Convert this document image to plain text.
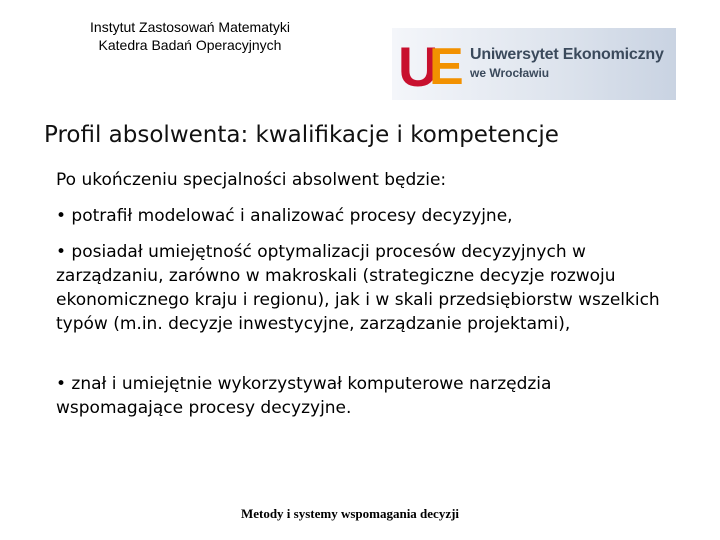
Instytut Zastosowań Matematyki
Katedra Badań Operacyjnych	U
E Uniwersytet Ekonomiczny
we Wrocławiu
Profil absolwenta: kwalifikacje i kompetencje
Po ukończeniu specjalności absolwent będzie:
• potrafił modelować i analizować procesy decyzyjne,
• posiadał umiejętność optymalizacji procesów decyzyjnych w zarządzaniu, zarówno w makroskali (strategiczne decyzje rozwoju ekonomicznego kraju i regionu), jak i w skali przedsiębiorstw wszelkich typów (m.in. decyzje inwestycyjne, zarządzanie projektami),
• znał i umiejętnie wykorzystywał komputerowe narzędzia wspomagające procesy decyzyjne.
Metody i systemy wspomagania decyzji
